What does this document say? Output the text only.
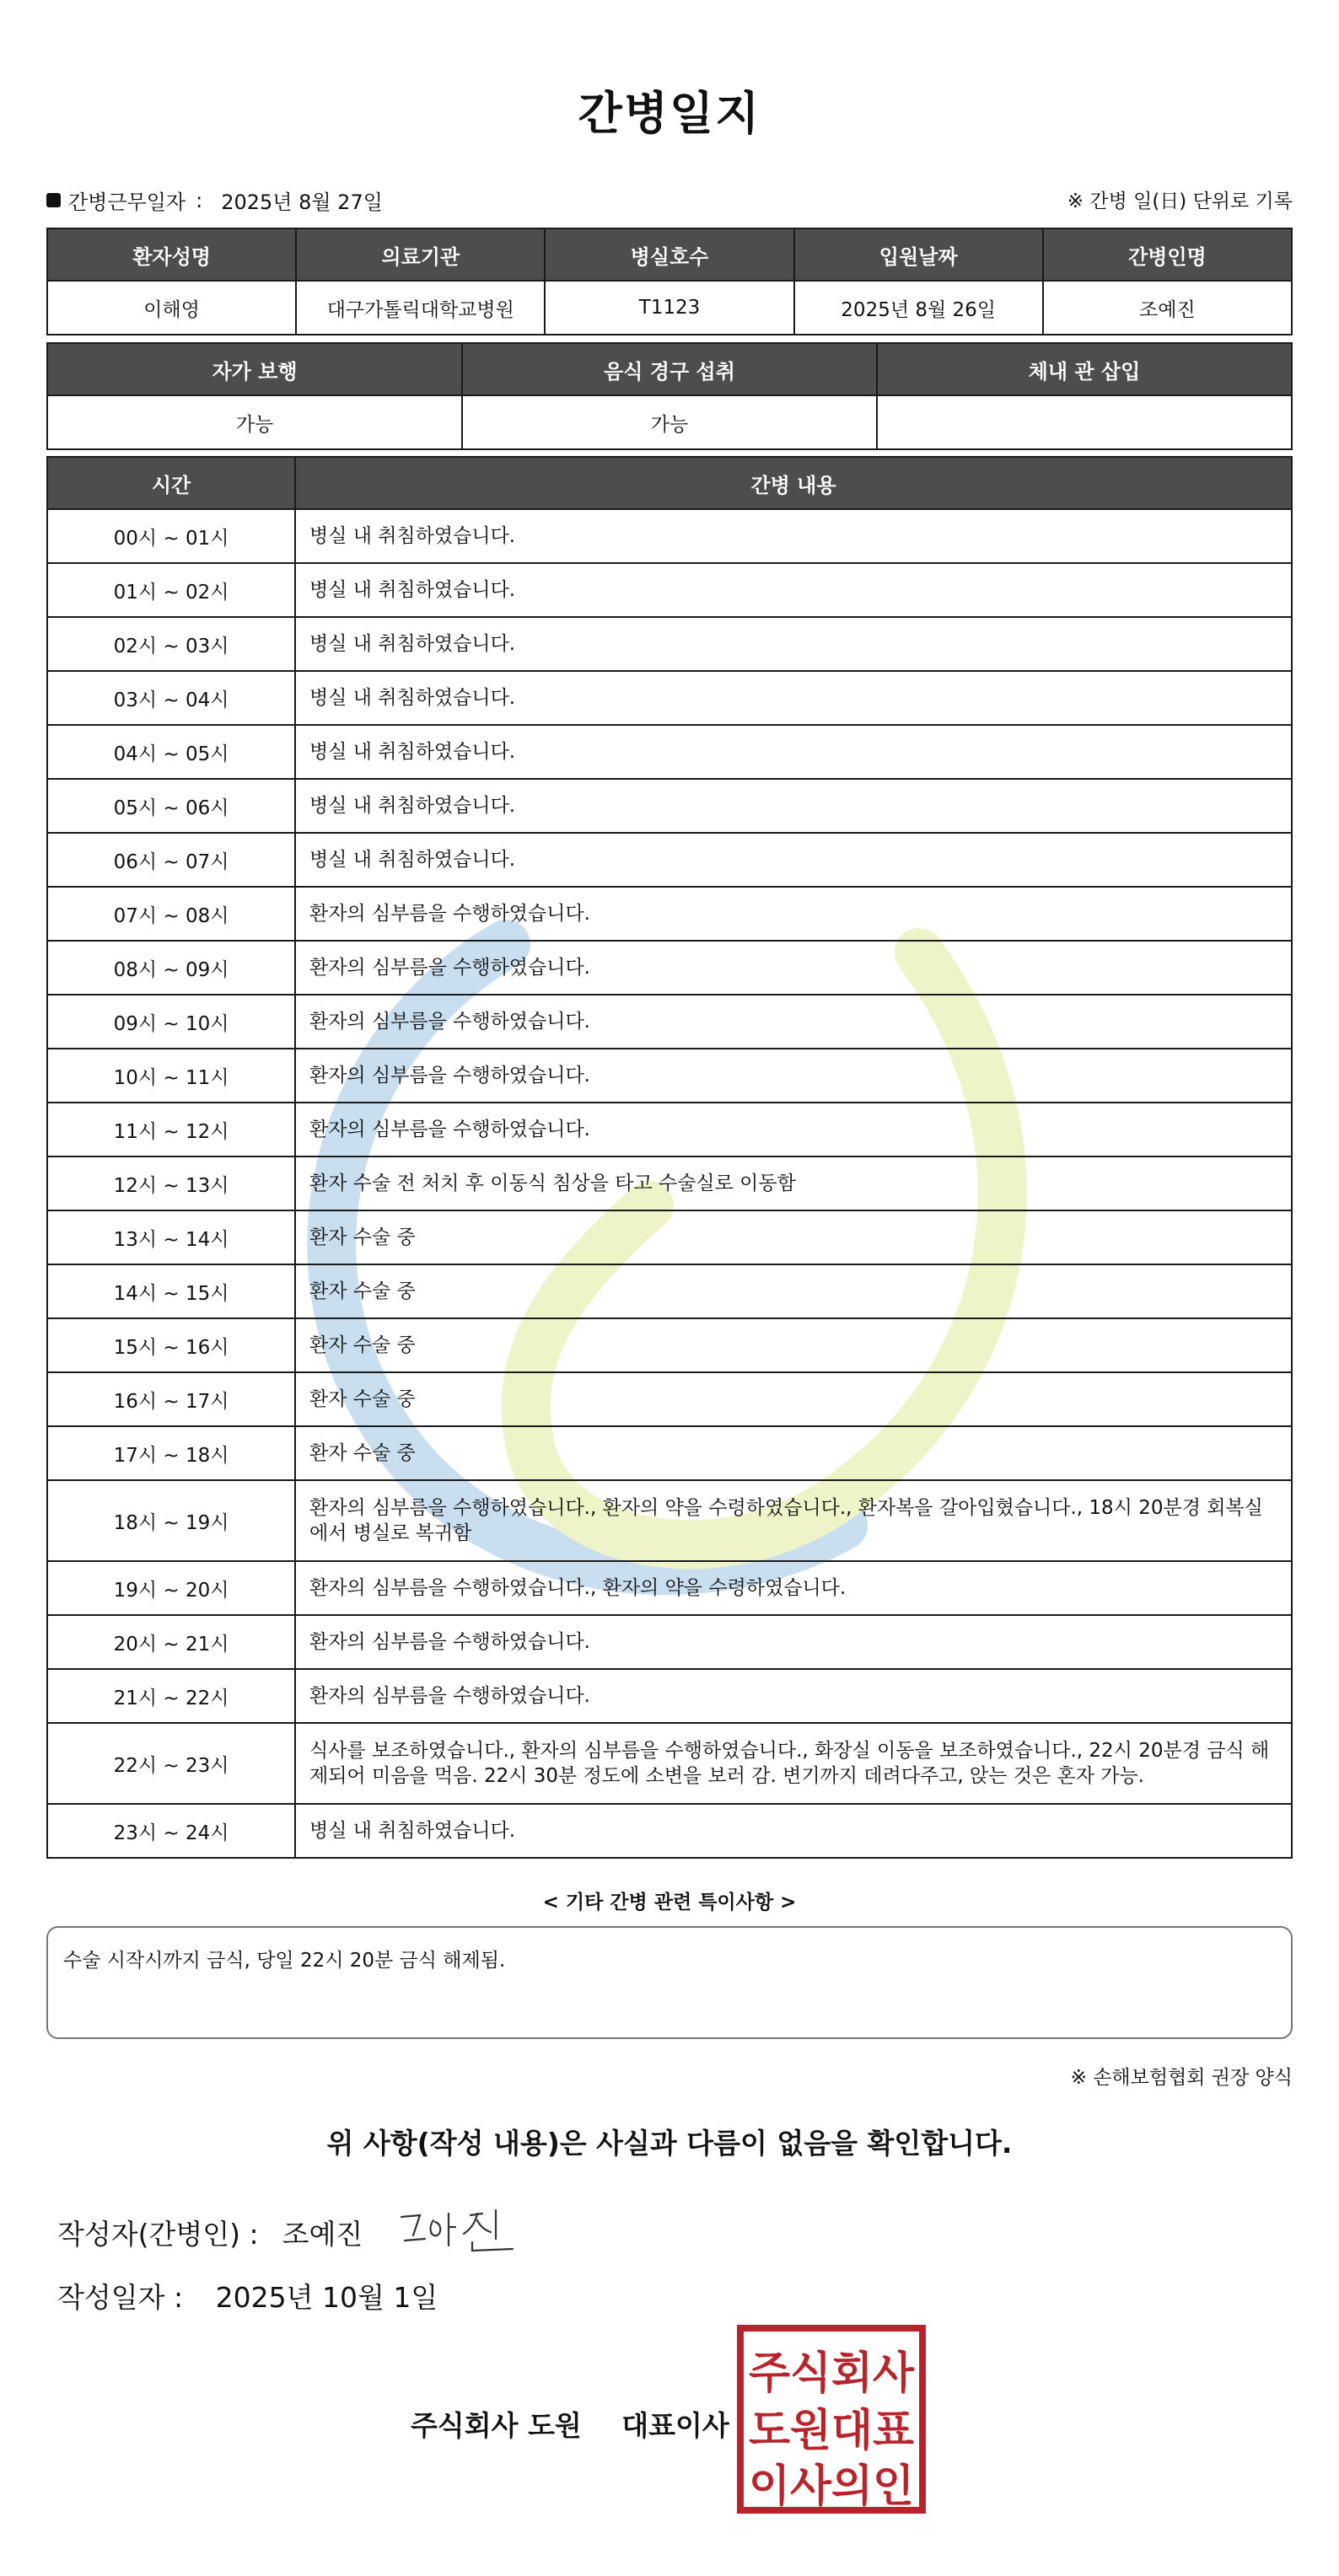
간병일지
간병근무일자 : 2025년 8월 27일	※ 간병 일(日) 단위로 기록
환자성명	의료기관	병실호수	입원날짜	간병인명
이해영	대구가톨릭대학교병원	T1123	2025년 8월 26일	조예진
자가 보행	음식 경구 섭취	체내 관 삽입
가능	가능	
시간	간병 내용
00시 ~ 01시	병실 내 취침하였습니다.
01시 ~ 02시	병실 내 취침하였습니다.
02시 ~ 03시	병실 내 취침하였습니다.
03시 ~ 04시	병실 내 취침하였습니다.
04시 ~ 05시	병실 내 취침하였습니다.
05시 ~ 06시	병실 내 취침하였습니다.
06시 ~ 07시	병실 내 취침하였습니다.
07시 ~ 08시	환자의 심부름을 수행하였습니다.
08시 ~ 09시	환자의 심부름을 수행하였습니다.
09시 ~ 10시	환자의 심부름을 수행하였습니다.
10시 ~ 11시	환자의 심부름을 수행하였습니다.
11시 ~ 12시	환자의 심부름을 수행하였습니다.
12시 ~ 13시	환자 수술 전 처치 후 이동식 침상을 타고 수술실로 이동함
13시 ~ 14시	환자 수술 중
14시 ~ 15시	환자 수술 중
15시 ~ 16시	환자 수술 중
16시 ~ 17시	환자 수술 중
17시 ~ 18시	환자 수술 중
18시 ~ 19시	환자의 심부름을 수행하였습니다., 환자의 약을 수령하였습니다., 환자복을 갈아입혔습니다., 18시 20분경 회복실에서 병실로 복귀함
19시 ~ 20시	환자의 심부름을 수행하였습니다., 환자의 약을 수령하였습니다.
20시 ~ 21시	환자의 심부름을 수행하였습니다.
21시 ~ 22시	환자의 심부름을 수행하였습니다.
22시 ~ 23시	식사를 보조하였습니다., 환자의 심부름을 수행하였습니다., 화장실 이동을 보조하였습니다., 22시 20분경 금식 해제되어 미음을 먹음. 22시 30분 정도에 소변을 보러 감. 변기까지 데려다주고, 앉는 것은 혼자 가능.
23시 ~ 24시	병실 내 취침하였습니다.
< 기타 간병 관련 특이사항 >
수술 시작시까지 금식, 당일 22시 20분 금식 해제됨.
※ 손해보험협회 권장 양식
위 사항(작성 내용)은 사실과 다름이 없음을 확인합니다.
작성자(간병인) : 조예진
작성일자 : 2025년 10월 1일
주식회사 도원 대표이사
주식회사
도원대표
이사의인
